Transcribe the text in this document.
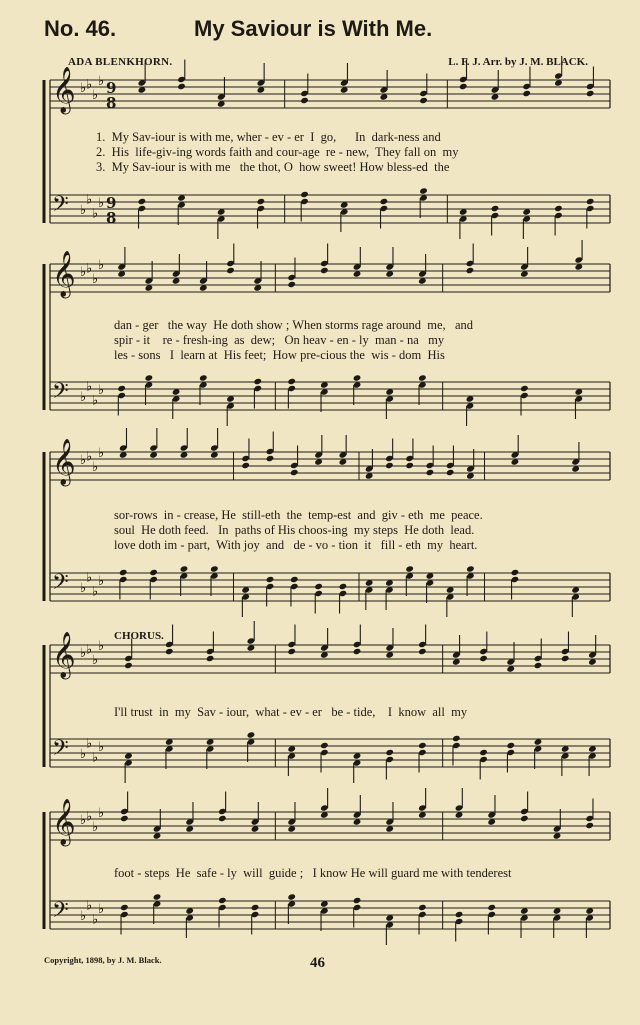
No. 46.	My Saviour is With Me.
ADA BLENKHORN.	L. F. J. Arr. by J. M. BLACK.
𝄞
𝄢
♭ ♭
♭
♭
♭
♭
♭
♭
9
8
9
8
𝄞
𝄢
♭ ♭
♭
♭
♭
♭
♭
♭
𝄞
𝄢
♭ ♭
♭
♭
♭
♭
♭
♭
𝄞
𝄢
♭ ♭
♭
♭
♭
♭
♭
♭
𝄞
𝄢
♭ ♭
♭
♭
♭
♭
♭
♭
1.  My Sav-iour is with me, wher - ev - er  I  go,      In  dark-ness and
2.  His  life-giv-ing words faith and cour-age  re - new,  They fall on  my
3.  My Sav-iour is with me   the thot, O  how sweet! How bless-ed  the
dan - ger   the way  He doth show ; When storms rage around  me,   and
spir - it    re - fresh-ing  as  dew;   On heav - en - ly  man - na   my
les - sons   I  learn at  His feet;  How pre-cious the  wis - dom  His
sor-rows  in - crease, He  still-eth  the  temp-est  and  giv - eth  me  peace.
soul  He doth feed.   In  paths of His choos-ing  my steps  He doth  lead.
love doth im - part,  With joy  and   de - vo - tion  it   fill - eth  my  heart.
CHORUS.
I'll trust  in  my  Sav - iour,  what - ev - er   be - tide,    I  know  all  my
foot - steps  He  safe - ly  will  guide ;   I know He will guard me with tenderest
Copyright, 1898, by J. M. Black.	46
